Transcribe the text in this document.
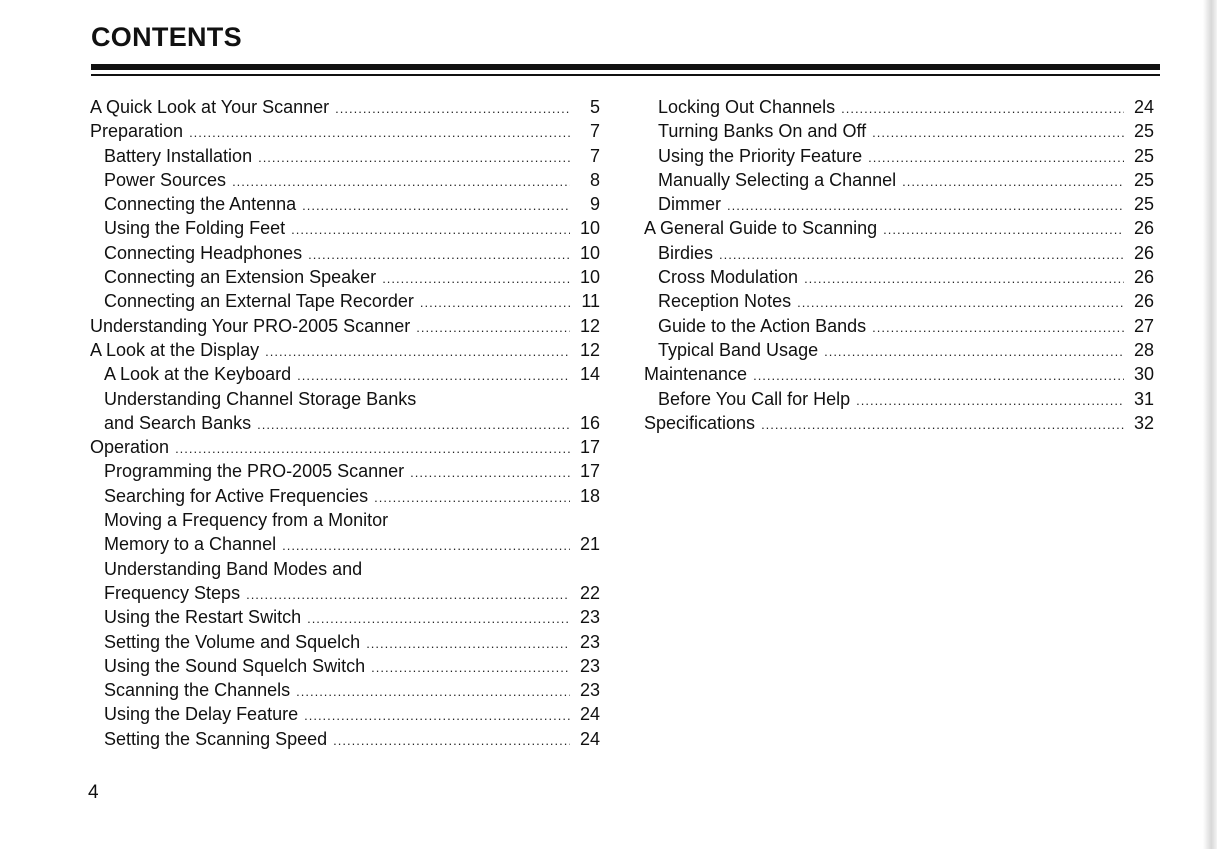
CONTENTS
A Quick Look at Your Scanner .....	5
Preparation .....	7
Battery Installation .....	7
Power Sources .....	8
Connecting the Antenna .....	9
Using the Folding Feet .....	10
Connecting Headphones .....	10
Connecting an Extension Speaker .....	10
Connecting an External Tape Recorder .....	11
Understanding Your PRO-2005 Scanner .....	12
A Look at the Display .....	12
A Look at the Keyboard .....	14
Understanding Channel Storage Banks
and Search Banks .....	16
Operation .....	17
Programming the PRO-2005 Scanner .....	17
Searching for Active Frequencies .....	18
Moving a Frequency from a Monitor
Memory to a Channel .....	21
Understanding Band Modes and
Frequency Steps .....	22
Using the Restart Switch .....	23
Setting the Volume and Squelch .....	23
Using the Sound Squelch Switch .....	23
Scanning the Channels .....	23
Using the Delay Feature .....	24
Setting the Scanning Speed .....	24
Locking Out Channels .....	24
Turning Banks On and Off .....	25
Using the Priority Feature .....	25
Manually Selecting a Channel .....	25
Dimmer .....	25
A General Guide to Scanning .....	26
Birdies .....	26
Cross Modulation .....	26
Reception Notes .....	26
Guide to the Action Bands .....	27
Typical Band Usage .....	28
Maintenance .....	30
Before You Call for Help .....	31
Specifications .....	32
4
